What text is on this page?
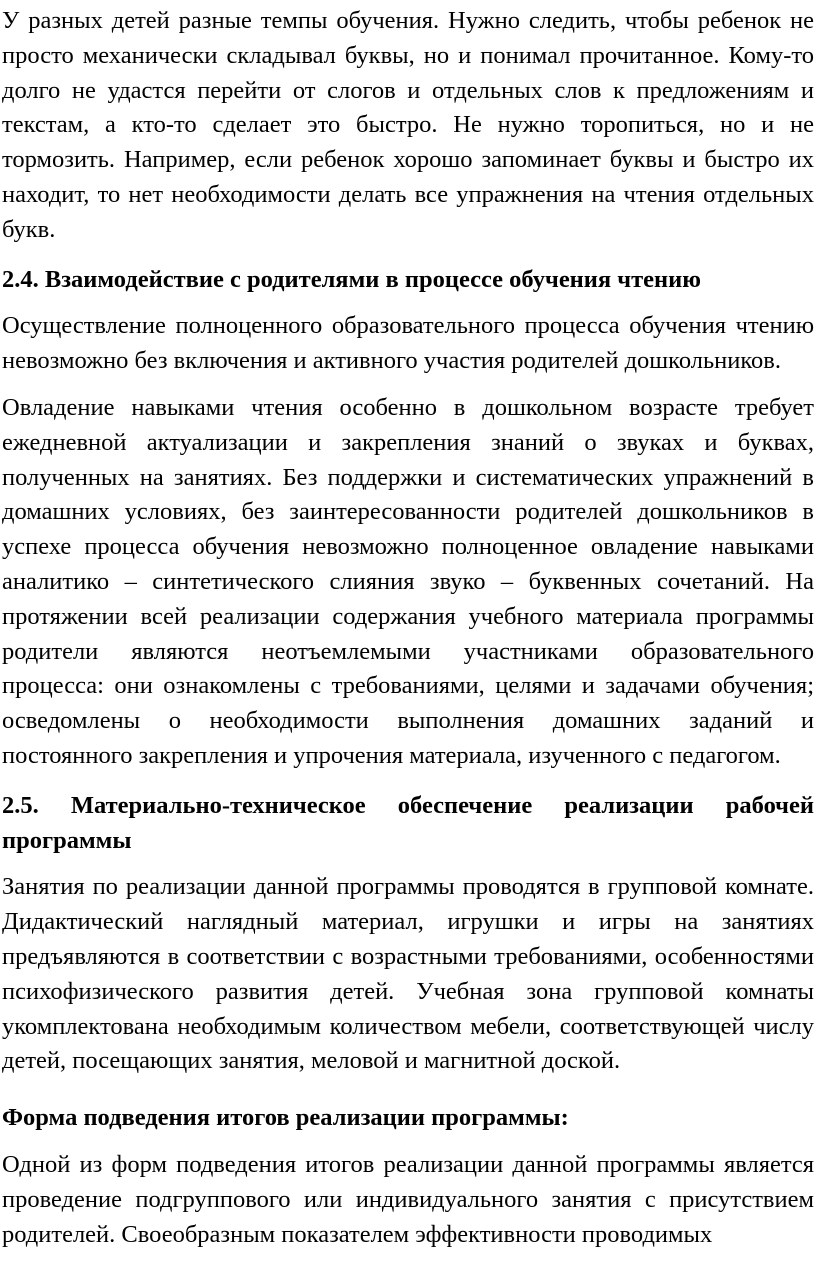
У разных детей разные темпы обучения. Нужно следить, чтобы ребенок не просто механически складывал буквы, но и понимал прочитанное. Кому-то долго не удастся перейти от слогов и отдельных слов к предложениям и текстам, а кто-то сделает это быстро. Не нужно торопиться, но и не тормозить. Например, если ребенок хорошо запоминает буквы и быстро их находит, то нет необходимости делать все упражнения на чтения отдельных букв.

2.4. Взаимодействие с родителями в процессе обучения чтению

Осуществление полноценного образовательного процесса обучения чтению невозможно без включения и активного участия родителей дошкольников.

Овладение навыками чтения особенно в дошкольном возрасте требует ежедневной актуализации и закрепления знаний о звуках и буквах, полученных на занятиях. Без поддержки и систематических упражнений в домашних условиях, без заинтересованности родителей дошкольников в успехе процесса обучения невозможно полноценное овладение навыками аналитико – синтетического слияния звуко – буквенных сочетаний. На протяжении всей реализации содержания учебного материала программы родители являются неотъемлемыми участниками образовательного процесса: они ознакомлены с требованиями, целями и задачами обучения; осведомлены о необходимости выполнения домашних заданий и постоянного закрепления и упрочения материала, изученного с педагогом.

2.5. Материально-техническое обеспечение реализации рабочей программы

Занятия по реализации данной программы проводятся в групповой комнате. Дидактический наглядный материал, игрушки и игры на занятиях предъявляются в соответствии с возрастными требованиями, особенностями психофизического развития детей. Учебная зона групповой комнаты укомплектована необходимым количеством мебели, соответствующей числу детей, посещающих занятия, меловой и магнитной доской.

Форма подведения итогов реализации программы:

Одной из форм подведения итогов реализации данной программы является проведение подгруппового или индивидуального занятия с присутствием родителей. Своеобразным показателем эффективности проводимых
